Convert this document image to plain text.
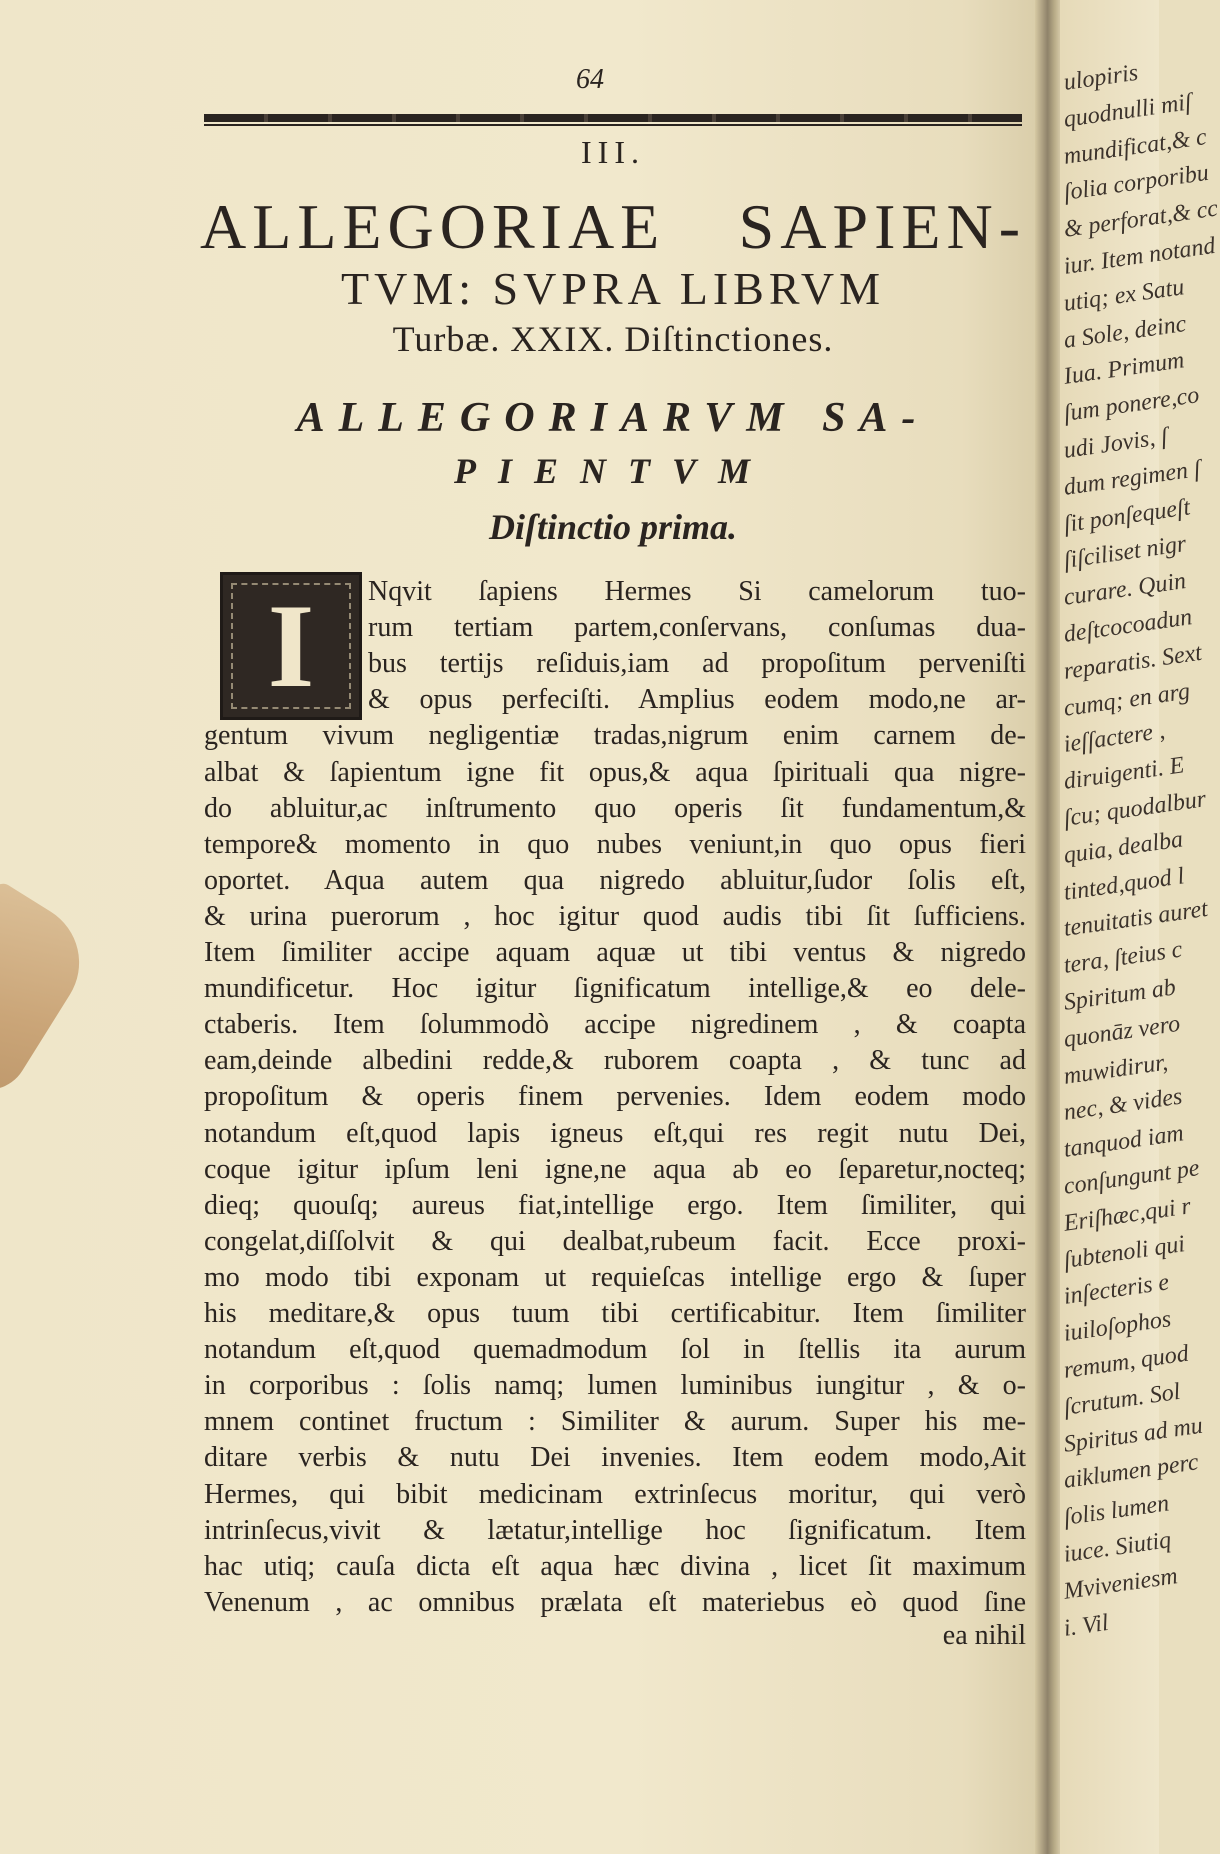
ulopiris
quodnulli miſ
mundificat,& c
ſolia corporibu
& perforat,& cc
iur. Item notand
utiq; ex Satu
a Sole, deinc
Iua. Primum
ſum ponere,co
udi Jovis, ſ
dum regimen ſ
ſit ponſequeſt
ſiſciliset nigr
curare. Quin
deſtcocoadun
reparatis. Sext
cumq; en arg
ieſſactere ,
diruigenti. E
ſcu; quodalbur
quia, dealba
tinted,quod l
tenuitatis auret
tera, ſteius c
Spiritum ab
quonāz vero
muwidirur,
nec, & vides
tanquod iam
conſungunt pe
Eriſhæc,qui r
ſubtenoli qui
inſecteris e
iuiloſophos
remum, quod
ſcrutum. Sol
Spiritus ad mu
aiklumen perc
ſolis lumen
iuce. Siutiq
Mviveniesm
i. Vil
64
III.
ALLEGORIAE SAPIEN-
TVM: SVPRA LIBRVM
Turbæ. XXIX. Diſtinctiones.
ALLEGORIARVM SA-
PIENTVM
Diſtinctio prima.
I	Nqvit ſapiens Hermes Si camelorum tuo-
rum tertiam partem,conſervans, conſumas dua-
bus tertijs reſiduis,iam ad propoſitum perveniſti
& opus perfeciſti. Amplius eodem modo,ne ar-
gentum vivum negligentiæ tradas,nigrum enim carnem de-
albat & ſapientum igne fit opus,& aqua ſpirituali qua nigre-
do abluitur,ac inſtrumento quo operis ſit fundamentum,&
tempore& momento in quo nubes veniunt,in quo opus fieri
oportet. Aqua autem qua nigredo abluitur,ſudor ſolis eſt,
& urina puerorum , hoc igitur quod audis tibi ſit ſufficiens.
Item ſimiliter accipe aquam aquæ ut tibi ventus & nigredo
mundificetur. Hoc igitur ſignificatum intellige,& eo dele-
ctaberis. Item ſolummodò accipe nigredinem , & coapta
eam,deinde albedini redde,& ruborem coapta , & tunc ad
propoſitum & operis finem pervenies. Idem eodem modo
notandum eſt,quod lapis igneus eſt,qui res regit nutu Dei,
coque igitur ipſum leni igne,ne aqua ab eo ſeparetur,nocteq;
dieq; quouſq; aureus fiat,intellige ergo. Item ſimiliter, qui
congelat,diſſolvit & qui dealbat,rubeum facit. Ecce proxi-
mo modo tibi exponam ut requieſcas intellige ergo & ſuper
his meditare,& opus tuum tibi certificabitur. Item ſimiliter
notandum eſt,quod quemadmodum ſol in ſtellis ita aurum
in corporibus : ſolis namq; lumen luminibus iungitur , & o-
mnem continet fructum : Similiter & aurum. Super his me-
ditare verbis & nutu Dei invenies. Item eodem modo,Ait
Hermes, qui bibit medicinam extrinſecus moritur, qui verò
intrinſecus,vivit & lætatur,intellige hoc ſignificatum. Item
hac utiq; cauſa dicta eſt aqua hæc divina , licet ſit maximum
Venenum , ac omnibus prælata eſt materiebus eò quod ſine
ea nihil
